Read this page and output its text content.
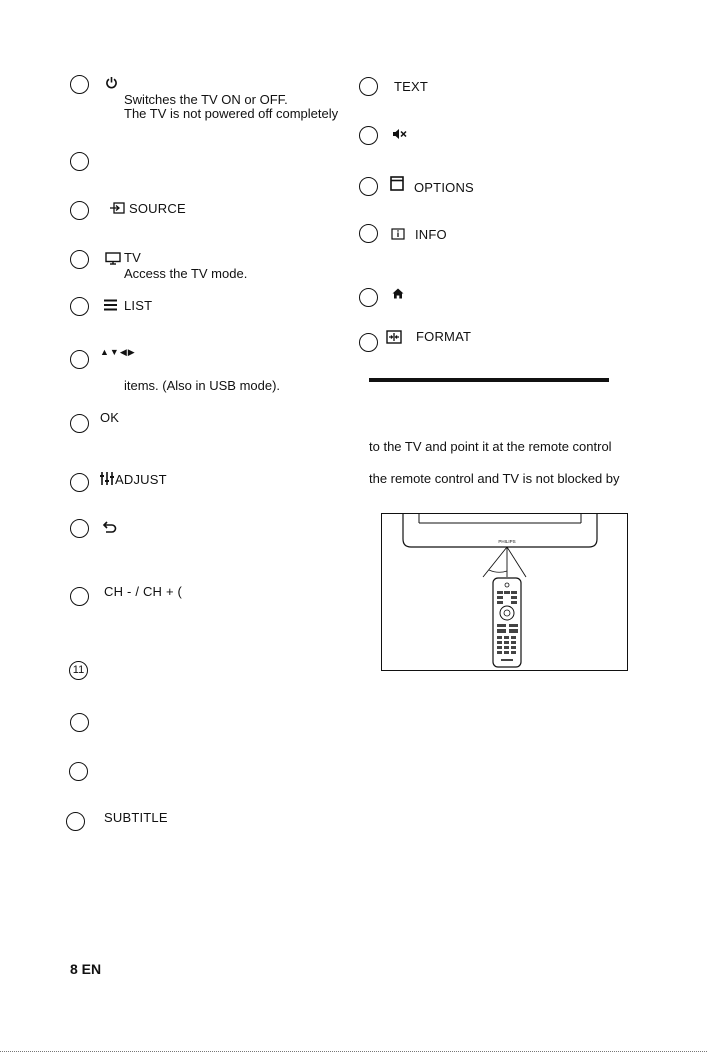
Switches the TV ON or OFF.
The TV is not powered off completely
SOURCE
TV
Access the TV mode.
LIST
▲▼◀▶
items. (Also in USB mode).
OK
ADJUST
CH - / CH + (
11
SUBTITLE
TEXT
OPTIONS
INFO
FORMAT
to the TV and point it at the remote control
the remote control and TV is not blocked by
PHILIPS
8 EN
